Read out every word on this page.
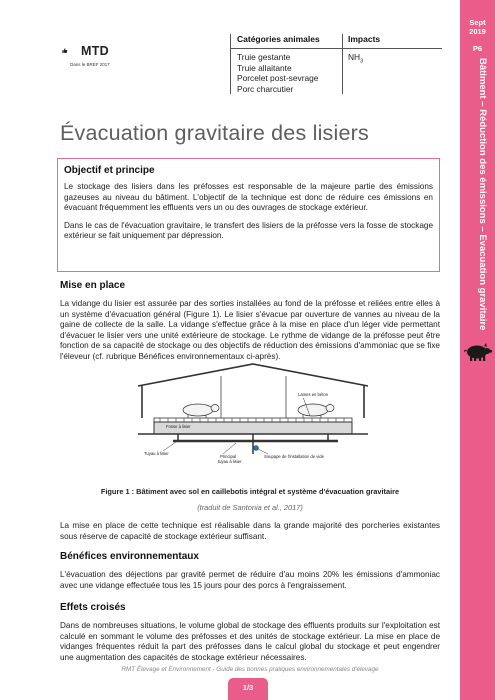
Sept 2019
P6
Bâtiment – Réduction des émissions – Evacuation gravitaire
MTD
Dans le BREF 2017
Catégories animales
Truie gestante
Truie allaitante
Porcelet post-sevrage
Porc charcutier
Impacts
$NH_3$
Évacuation gravitaire des lisiers
Objectif et principe

Le stockage des lisiers dans les préfosses est responsable de la majeure partie des émissions gazeuses au niveau du bâtiment. L'objectif de la technique est donc de réduire ces émissions en évacuant fréquemment les effluents vers un ou des ouvrages de stockage extérieur.

Dans le cas de l'évacuation gravitaire, le transfert des lisiers de la préfosse vers la fosse de stockage extérieur se fait uniquement par dépression.

Mise en place

La vidange du lisier est assurée par des sorties installées au fond de la préfosse et reliées entre elles à un système d'évacuation général (Figure 1). Le lisier s'évacue par ouverture de vannes au niveau de la gaine de collecte de la salle. La vidange s'effectue grâce à la mise en place d'un léger vide permettant d'évacuer le lisier vers une unité extérieure de stockage. Le rythme de vidange de la préfosse peut être fonction de sa capacité de stockage ou des objectifs de réduction des émissions d'ammoniac que se fixe l'éleveur (cf. rubrique Bénéfices environnementaux ci-après).

Lames en béton
Fosse à lisier
Tuyau à lisier
Principal
tuyau à lisier
Soupape de l'installation de vide
Figure 1 : Bâtiment avec sol en caillebotis intégral et système d'évacuation gravitaire
(traduit de Santonia et al., 2017)

La mise en place de cette technique est réalisable dans la grande majorité des porcheries existantes sous réserve de capacité de stockage extérieur suffisant.

Bénéfices environnementaux

L'évacuation des déjections par gravité permet de réduire d'au moins 20% les émissions d'ammoniac avec une vidange effectuée tous les 15 jours pour des porcs à l'engraissement.

Effets croisés

Dans de nombreuses situations, le volume global de stockage des effluents produits sur l'exploitation est calculé en sommant le volume des préfosses et des unités de stockage extérieur. La mise en place de vidanges fréquentes réduit la part des préfosses dans le calcul global du stockage et peut engendrer une augmentation des capacités de stockage extérieur nécessaires.

RMT Élevage et Environnement - Guide des bonnes pratiques environnementales d'élevage
1/3
